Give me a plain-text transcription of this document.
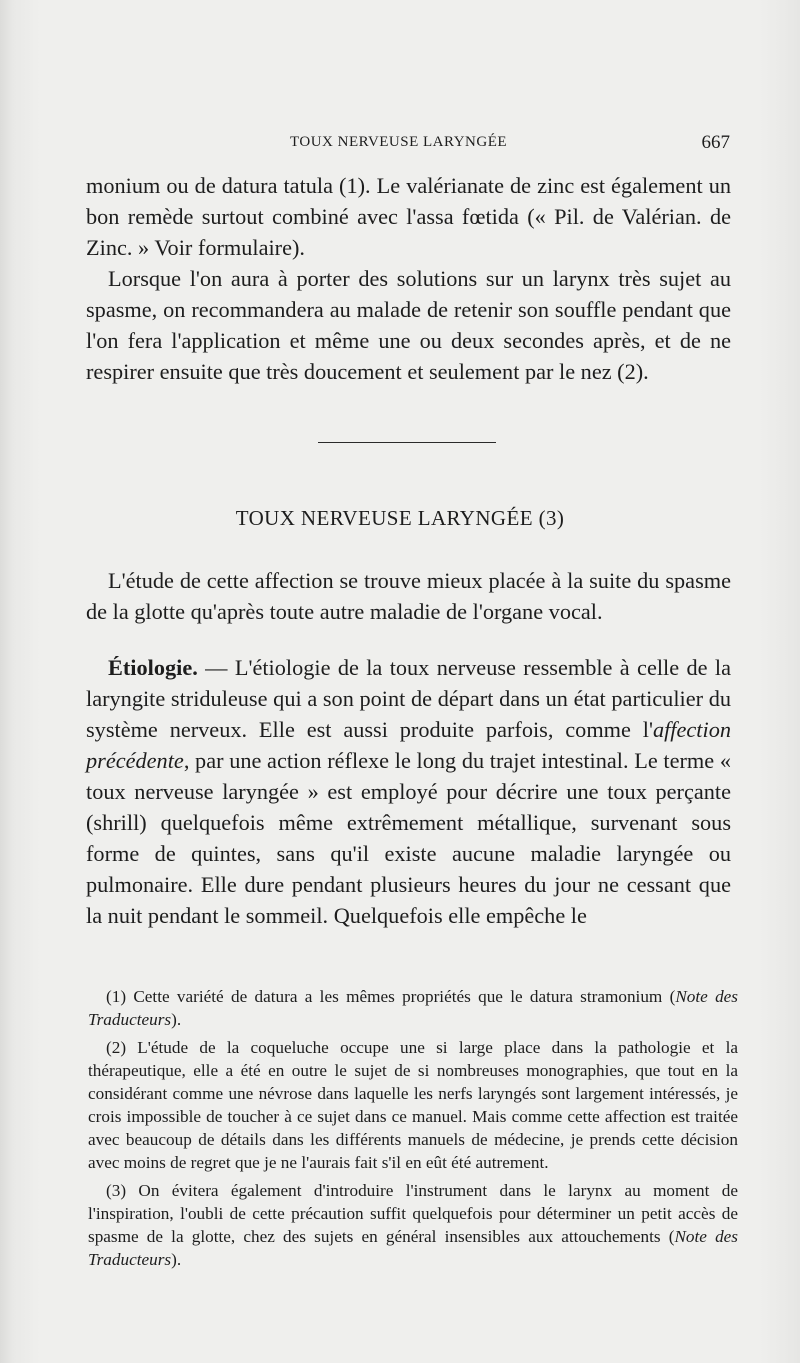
TOUX NERVEUSE LARYNGÉE	667

monium ou de datura tatula (1). Le valérianate de zinc est également un bon remède surtout combiné avec l'assa fœtida (« Pil. de Valérian. de Zinc. » Voir formulaire).

Lorsque l'on aura à porter des solutions sur un larynx très sujet au spasme, on recommandera au malade de retenir son souffle pendant que l'on fera l'application et même une ou deux secondes après, et de ne respirer ensuite que très doucement et seulement par le nez (2).

TOUX NERVEUSE LARYNGÉE (3)

L'étude de cette affection se trouve mieux placée à la suite du spasme de la glotte qu'après toute autre maladie de l'organe vocal.

Étiologie. — L'étiologie de la toux nerveuse ressemble à celle de la laryngite striduleuse qui a son point de départ dans un état particulier du système nerveux. Elle est aussi produite parfois, comme l'affection précédente, par une action réflexe le long du trajet intestinal. Le terme « toux nerveuse laryngée » est employé pour décrire une toux perçante (shrill) quelquefois même extrêmement métallique, survenant sous forme de quintes, sans qu'il existe aucune maladie laryngée ou pulmonaire. Elle dure pendant plusieurs heures du jour ne cessant que la nuit pendant le sommeil. Quelquefois elle empêche le

(1) Cette variété de datura a les mêmes propriétés que le datura stramonium (Note des Traducteurs).

(2) L'étude de la coqueluche occupe une si large place dans la pathologie et la thérapeutique, elle a été en outre le sujet de si nombreuses monographies, que tout en la considérant comme une névrose dans laquelle les nerfs laryngés sont largement intéressés, je crois impossible de toucher à ce sujet dans ce manuel. Mais comme cette affection est traitée avec beaucoup de détails dans les différents manuels de médecine, je prends cette décision avec moins de regret que je ne l'aurais fait s'il en eût été autrement.

(3) On évitera également d'introduire l'instrument dans le larynx au moment de l'inspiration, l'oubli de cette précaution suffit quelquefois pour déterminer un petit accès de spasme de la glotte, chez des sujets en général insensibles aux attouchements (Note des Traducteurs).
